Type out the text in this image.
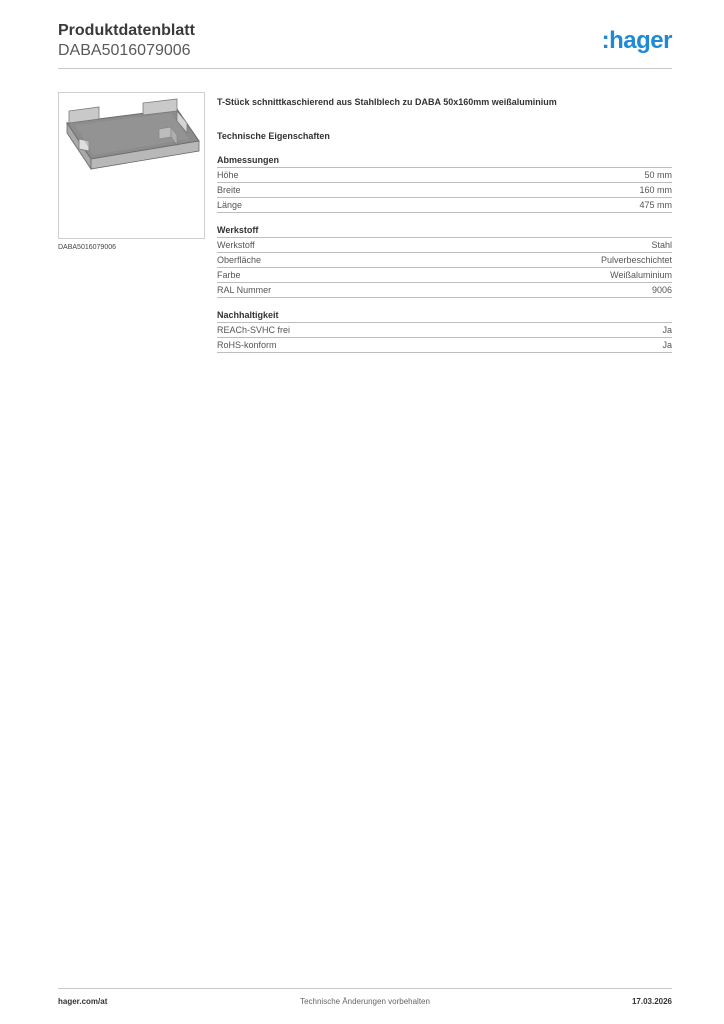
Produktdatenblatt
DABA5016079006	:hager
DABA5016079006
T-Stück schnittkaschierend aus Stahlblech zu DABA 50x160mm weißaluminium
Technische Eigenschaften
Abmessungen
Höhe	50 mm
Breite	160 mm
Länge	475 mm
Werkstoff
Werkstoff	Stahl
Oberfläche	Pulverbeschichtet
Farbe	Weißaluminium
RAL Nummer	9006
Nachhaltigkeit
REACh-SVHC frei	Ja
RoHS-konform	Ja
hager.com/at	Technische Änderungen vorbehalten	17.03.2026
